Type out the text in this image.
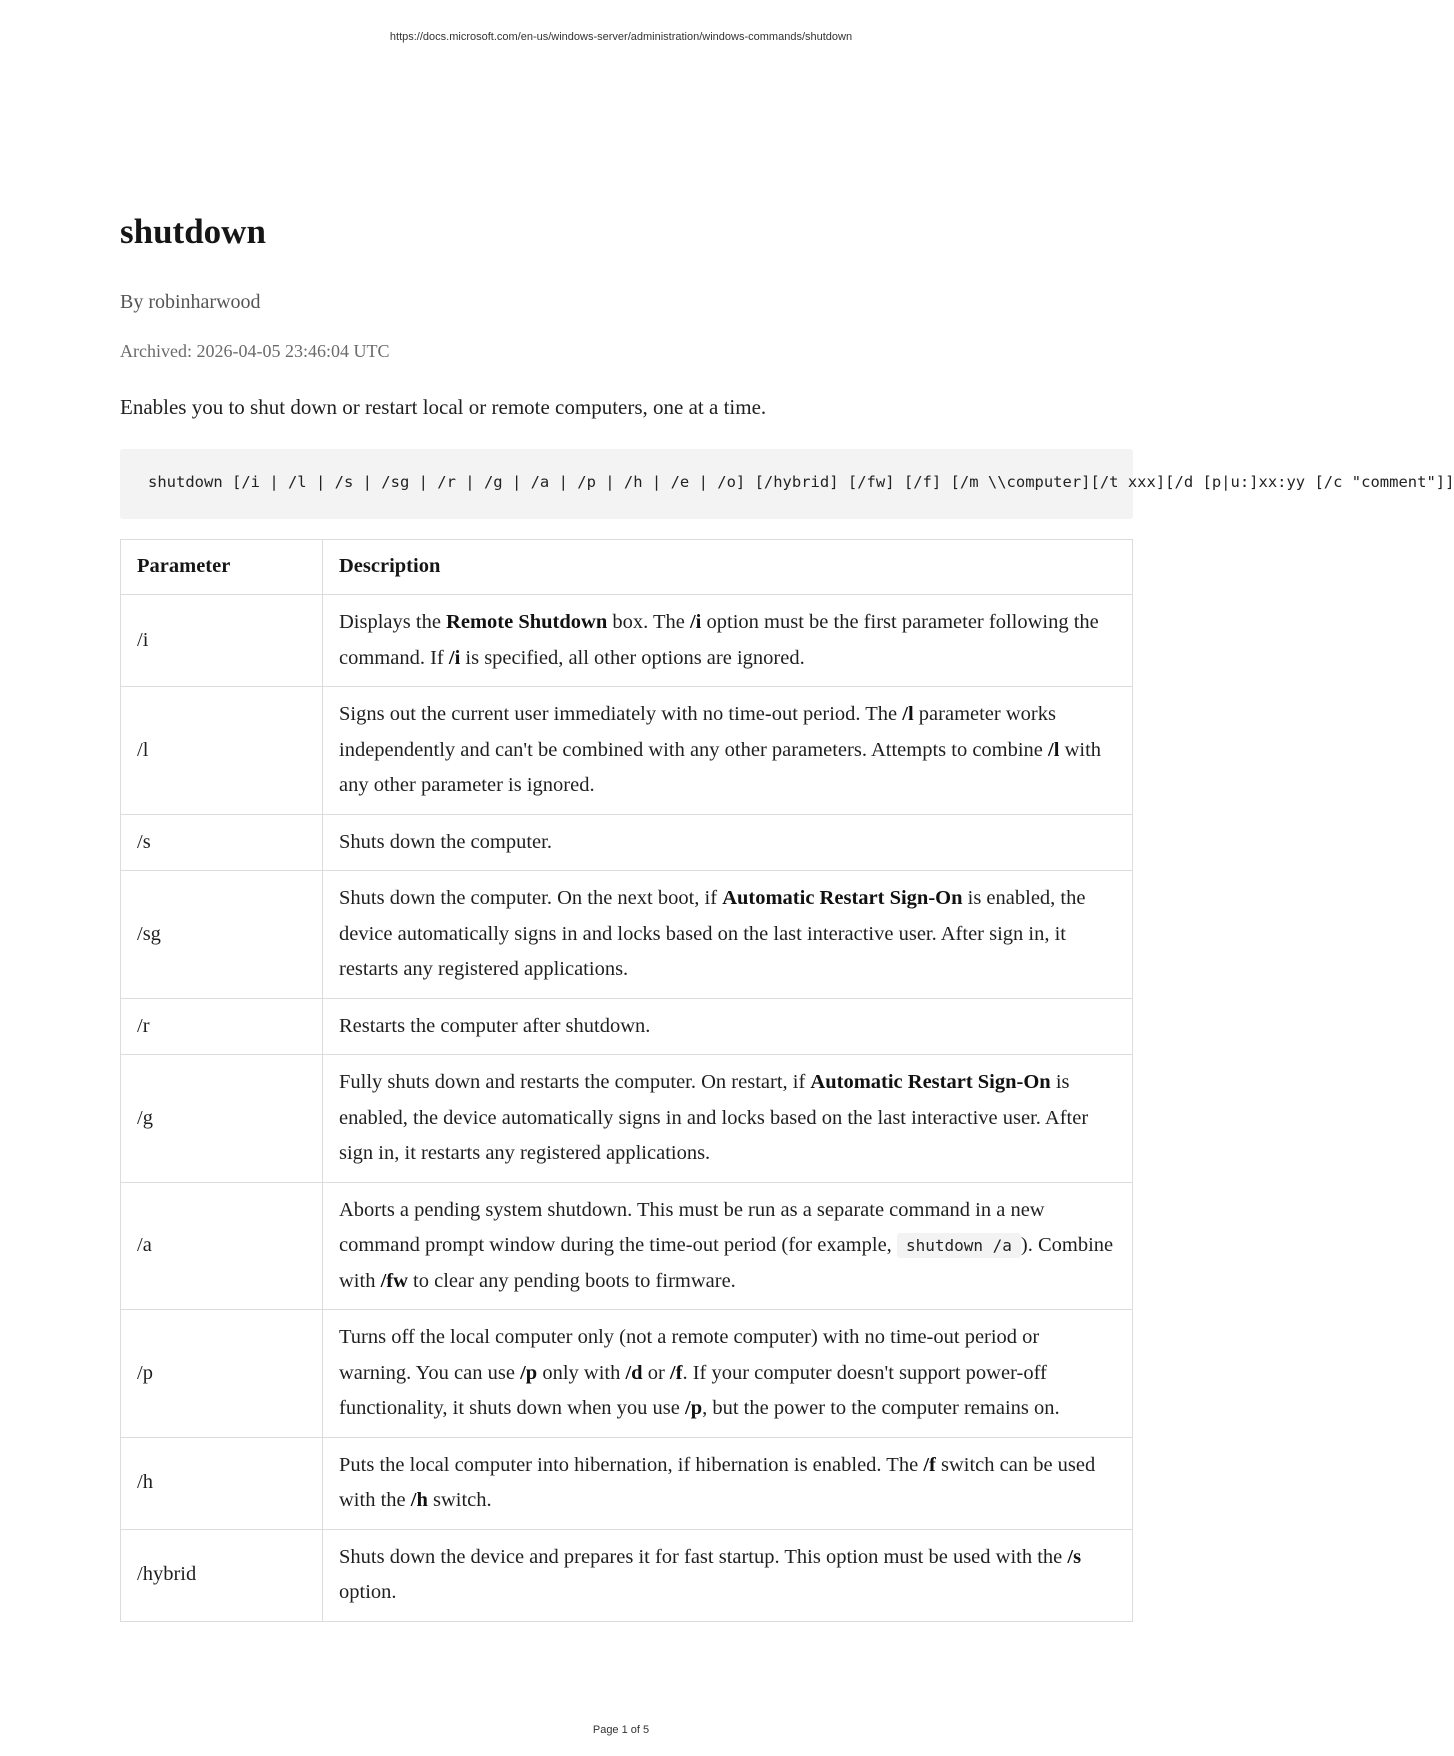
https://docs.microsoft.com/en-us/windows-server/administration/windows-commands/shutdown
shutdown
By robinharwood
Archived: 2026-04-05 23:46:04 UTC
Enables you to shut down or restart local or remote computers, one at a time.
shutdown [/i | /l | /s | /sg | /r | /g | /a | /p | /h | /e | /o] [/hybrid] [/fw] [/f] [/m \\computer][/t xxx][/d [p|u:]xx:yy [/c "comment"]]
Parameter	Description
/i	Displays the Remote Shutdown box. The /i option must be the first parameter following the command. If /i is specified, all other options are ignored.
/l	Signs out the current user immediately with no time-out period. The /l parameter works independently and can't be combined with any other parameters. Attempts to combine /l with any other parameter is ignored.
/s	Shuts down the computer.
/sg	Shuts down the computer. On the next boot, if Automatic Restart Sign-On is enabled, the device automatically signs in and locks based on the last interactive user. After sign in, it restarts any registered applications.
/r	Restarts the computer after shutdown.
/g	Fully shuts down and restarts the computer. On restart, if Automatic Restart Sign-On is enabled, the device automatically signs in and locks based on the last interactive user. After sign in, it restarts any registered applications.
/a	Aborts a pending system shutdown. This must be run as a separate command in a new command prompt window during the time-out period (for example, shutdown /a ). Combine with /fw to clear any pending boots to firmware.
/p	Turns off the local computer only (not a remote computer) with no time-out period or warning. You can use /p only with /d or /f. If your computer doesn't support power-off functionality, it shuts down when you use /p, but the power to the computer remains on.
/h	Puts the local computer into hibernation, if hibernation is enabled. The /f switch can be used with the /h switch.
/hybrid	Shuts down the device and prepares it for fast startup. This option must be used with the /s option.
Page 1 of 5
